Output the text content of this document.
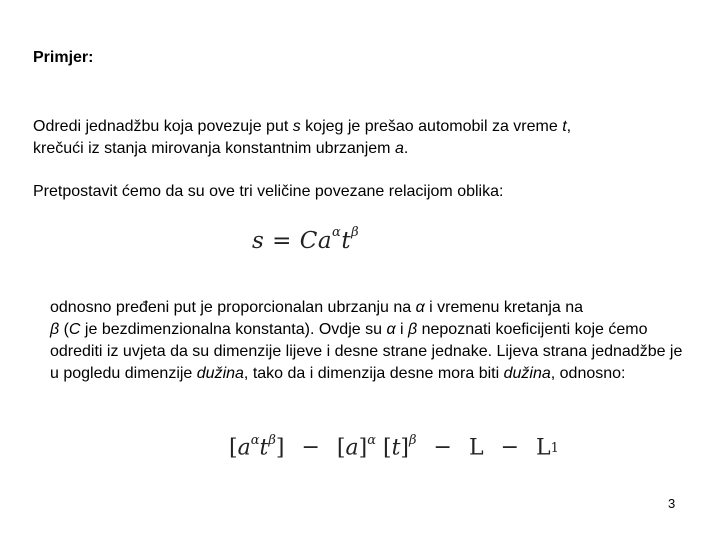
Primjer:
Odredi jednadžbu koja povezuje put s kojeg je prešao automobil za vreme t,
krečući iz stanja mirovanja konstantnim ubrzanjem a.
Pretpostavit ćemo da su ove tri veličine povezane relacijom oblika:
$s = Ca^\alpha t^\beta$
odnosno pređeni put je proporcionalan ubrzanju na α i vremenu kretanja na
β (C je bezdimenzionalna konstanta). Ovdje su α i β nepoznati koeficijenti koje ćemo odrediti iz uvjeta da su dimenzije lijeve i desne strane jednake. Lijeva strana jednadžbe je u pogledu dimenzije dužina, tako da i dimenzija desne mora biti dužina, odnosno:
$[a^\alpha t^\beta] - [a]^\alpha$ $[t]^\beta - L - L1$
3
